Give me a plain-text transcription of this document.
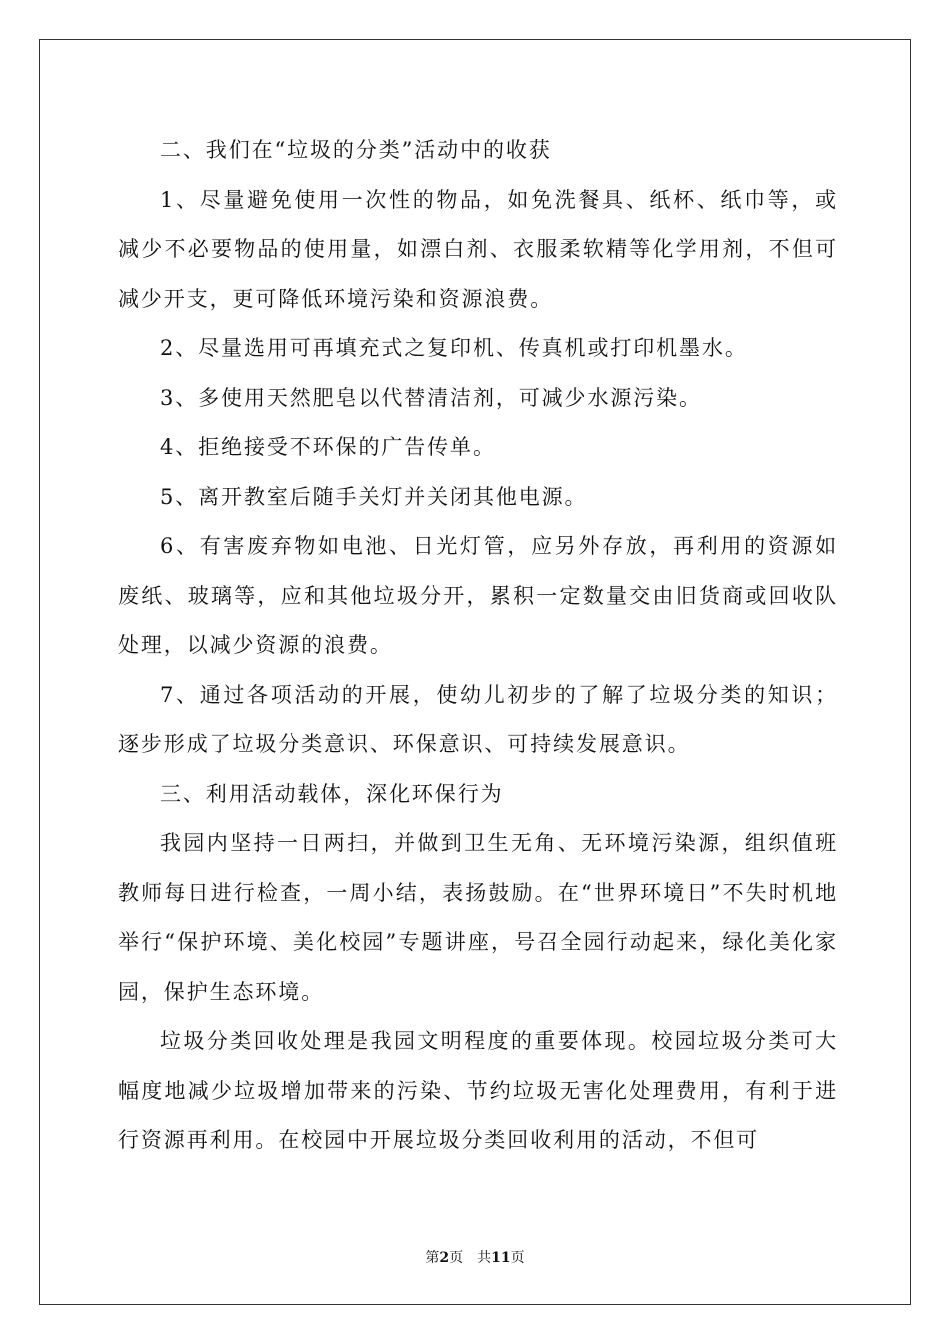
二、我们在“垃圾的分类”活动中的收获

1、尽量避免使用一次性的物品，如免洗餐具、纸杯、纸巾等，或减少不必要物品的使用量，如漂白剂、衣服柔软精等化学用剂，不但可减少开支，更可降低环境污染和资源浪费。

2、尽量选用可再填充式之复印机、传真机或打印机墨水。

3、多使用天然肥皂以代替清洁剂，可减少水源污染。

4、拒绝接受不环保的广告传单。

5、离开教室后随手关灯并关闭其他电源。

6、有害废弃物如电池、日光灯管，应另外存放，再利用的资源如废纸、玻璃等，应和其他垃圾分开，累积一定数量交由旧货商或回收队处理，以减少资源的浪费。

7、通过各项活动的开展，使幼儿初步的了解了垃圾分类的知识；逐步形成了垃圾分类意识、环保意识、可持续发展意识。

三、利用活动载体，深化环保行为

我园内坚持一日两扫，并做到卫生无角、无环境污染源，组织值班教师每日进行检查，一周小结，表扬鼓励。在“世界环境日”不失时机地举行“保护环境、美化校园”专题讲座，号召全园行动起来，绿化美化家园，保护生态环境。

垃圾分类回收处理是我园文明程度的重要体现。校园垃圾分类可大幅度地减少垃圾增加带来的污染、节约垃圾无害化处理费用，有利于进行资源再利用。在校园中开展垃圾分类回收利用的活动，不但可

第2页 共11页
